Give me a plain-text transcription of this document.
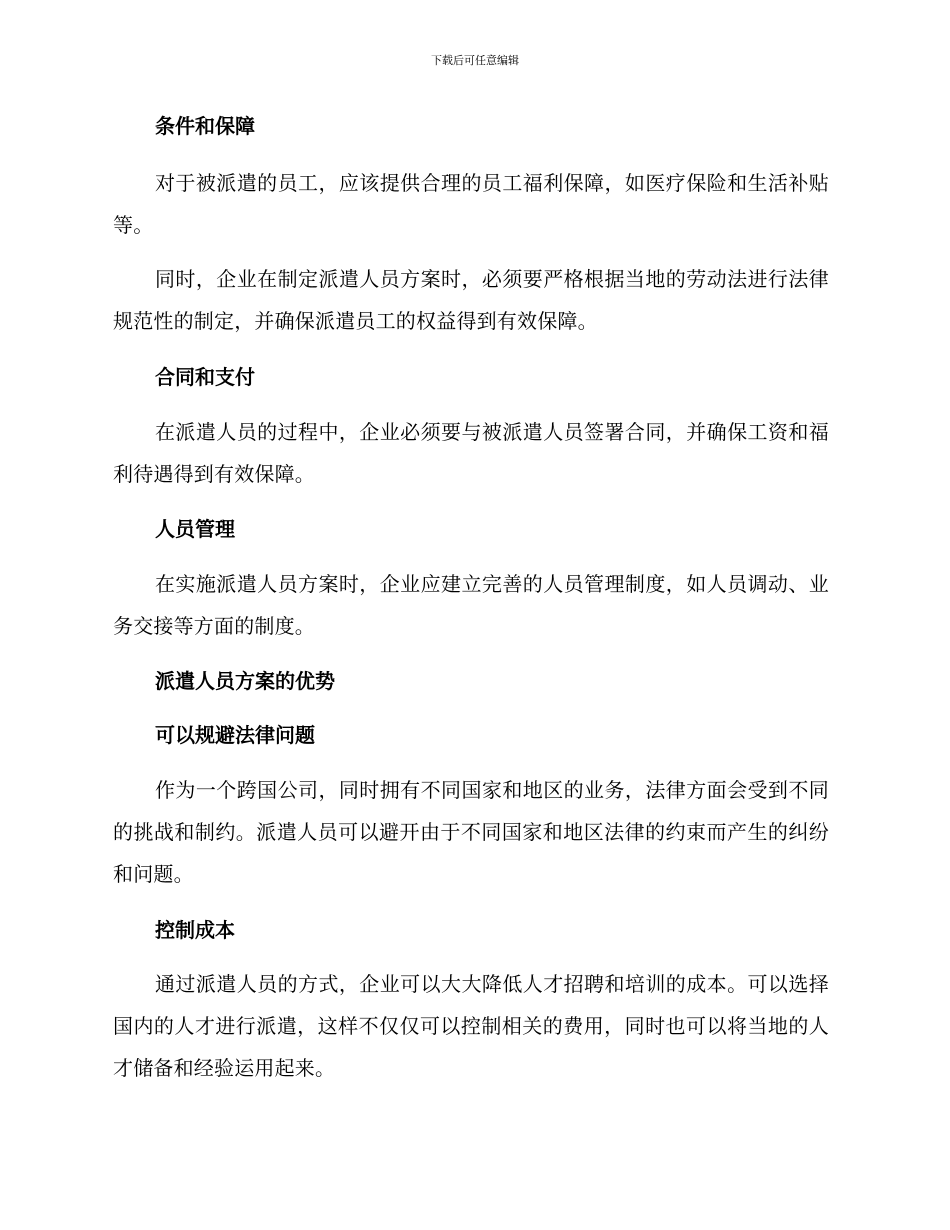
下载后可任意编辑
条件和保障
对于被派遣的员工，应该提供合理的员工福利保障，如医疗保险和生活补贴等。
同时，企业在制定派遣人员方案时，必须要严格根据当地的劳动法进行法律规范性的制定，并确保派遣员工的权益得到有效保障。
合同和支付
在派遣人员的过程中，企业必须要与被派遣人员签署合同，并确保工资和福利待遇得到有效保障。
人员管理
在实施派遣人员方案时，企业应建立完善的人员管理制度，如人员调动、业务交接等方面的制度。
派遣人员方案的优势
可以规避法律问题
作为一个跨国公司，同时拥有不同国家和地区的业务，法律方面会受到不同的挑战和制约。派遣人员可以避开由于不同国家和地区法律的约束而产生的纠纷和问题。
控制成本
通过派遣人员的方式，企业可以大大降低人才招聘和培训的成本。可以选择国内的人才进行派遣，这样不仅仅可以控制相关的费用，同时也可以将当地的人才储备和经验运用起来。
